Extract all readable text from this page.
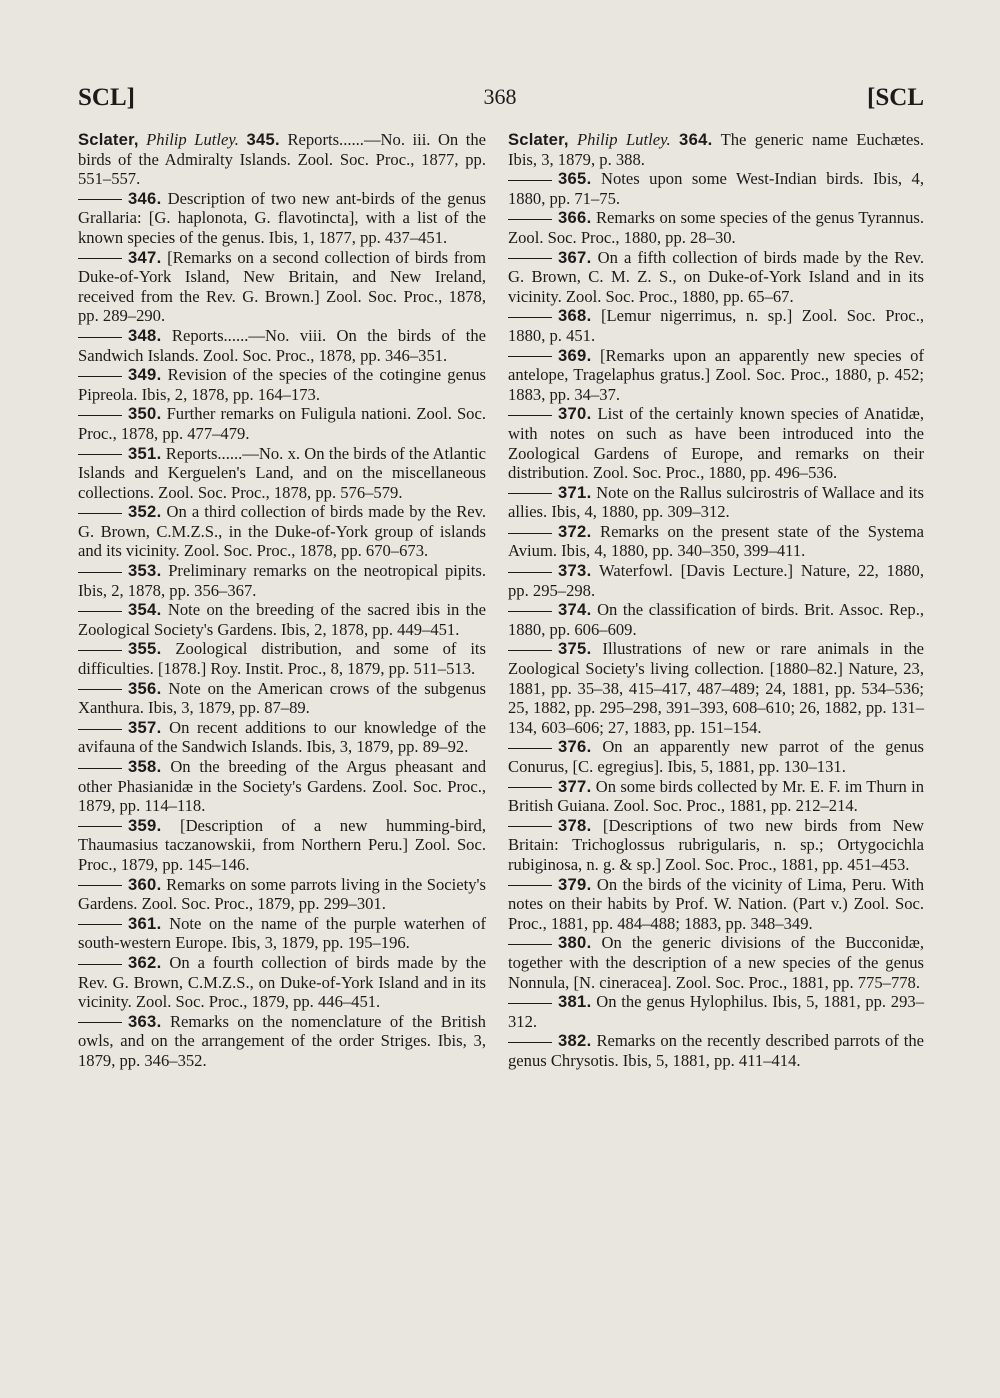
SCL]	368	[SCL

Sclater, Philip Lutley. 345. Reports......—No. iii. On the birds of the Admiralty Islands. Zool. Soc. Proc., 1877, pp. 551–557.

346. Description of two new ant-birds of the genus Grallaria: [G. haplonota, G. flavotincta], with a list of the known species of the genus. Ibis, 1, 1877, pp. 437–451.

347. [Remarks on a second collection of birds from Duke-of-York Island, New Britain, and New Ireland, received from the Rev. G. Brown.] Zool. Soc. Proc., 1878, pp. 289–290.

348. Reports......—No. viii. On the birds of the Sandwich Islands. Zool. Soc. Proc., 1878, pp. 346–351.

349. Revision of the species of the cotingine genus Pipreola. Ibis, 2, 1878, pp. 164–173.

350. Further remarks on Fuligula nationi. Zool. Soc. Proc., 1878, pp. 477–479.

351. Reports......—No. x. On the birds of the Atlantic Islands and Kerguelen's Land, and on the miscellaneous collections. Zool. Soc. Proc., 1878, pp. 576–579.

352. On a third collection of birds made by the Rev. G. Brown, C.M.Z.S., in the Duke-of-York group of islands and its vicinity. Zool. Soc. Proc., 1878, pp. 670–673.

353. Preliminary remarks on the neotropical pipits. Ibis, 2, 1878, pp. 356–367.

354. Note on the breeding of the sacred ibis in the Zoological Society's Gardens. Ibis, 2, 1878, pp. 449–451.

355. Zoological distribution, and some of its difficulties. [1878.] Roy. Instit. Proc., 8, 1879, pp. 511–513.

356. Note on the American crows of the subgenus Xanthura. Ibis, 3, 1879, pp. 87–89.

357. On recent additions to our knowledge of the avifauna of the Sandwich Islands. Ibis, 3, 1879, pp. 89–92.

358. On the breeding of the Argus pheasant and other Phasianidæ in the Society's Gardens. Zool. Soc. Proc., 1879, pp. 114–118.

359. [Description of a new humming-bird, Thaumasius taczanowskii, from Northern Peru.] Zool. Soc. Proc., 1879, pp. 145–146.

360. Remarks on some parrots living in the Society's Gardens. Zool. Soc. Proc., 1879, pp. 299–301.

361. Note on the name of the purple waterhen of south-western Europe. Ibis, 3, 1879, pp. 195–196.

362. On a fourth collection of birds made by the Rev. G. Brown, C.M.Z.S., on Duke-of-York Island and in its vicinity. Zool. Soc. Proc., 1879, pp. 446–451.

363. Remarks on the nomenclature of the British owls, and on the arrangement of the order Striges. Ibis, 3, 1879, pp. 346–352.

Sclater, Philip Lutley. 364. The generic name Euchætes. Ibis, 3, 1879, p. 388.

365. Notes upon some West-Indian birds. Ibis, 4, 1880, pp. 71–75.

366. Remarks on some species of the genus Tyrannus. Zool. Soc. Proc., 1880, pp. 28–30.

367. On a fifth collection of birds made by the Rev. G. Brown, C. M. Z. S., on Duke-of-York Island and in its vicinity. Zool. Soc. Proc., 1880, pp. 65–67.

368. [Lemur nigerrimus, n. sp.] Zool. Soc. Proc., 1880, p. 451.

369. [Remarks upon an apparently new species of antelope, Tragelaphus gratus.] Zool. Soc. Proc., 1880, p. 452; 1883, pp. 34–37.

370. List of the certainly known species of Anatidæ, with notes on such as have been introduced into the Zoological Gardens of Europe, and remarks on their distribution. Zool. Soc. Proc., 1880, pp. 496–536.

371. Note on the Rallus sulcirostris of Wallace and its allies. Ibis, 4, 1880, pp. 309–312.

372. Remarks on the present state of the Systema Avium. Ibis, 4, 1880, pp. 340–350, 399–411.

373. Waterfowl. [Davis Lecture.] Nature, 22, 1880, pp. 295–298.

374. On the classification of birds. Brit. Assoc. Rep., 1880, pp. 606–609.

375. Illustrations of new or rare animals in the Zoological Society's living collection. [1880–82.] Nature, 23, 1881, pp. 35–38, 415–417, 487–489; 24, 1881, pp. 534–536; 25, 1882, pp. 295–298, 391–393, 608–610; 26, 1882, pp. 131–134, 603–606; 27, 1883, pp. 151–154.

376. On an apparently new parrot of the genus Conurus, [C. egregius]. Ibis, 5, 1881, pp. 130–131.

377. On some birds collected by Mr. E. F. im Thurn in British Guiana. Zool. Soc. Proc., 1881, pp. 212–214.

378. [Descriptions of two new birds from New Britain: Trichoglossus rubrigularis, n. sp.; Ortygocichla rubiginosa, n. g. & sp.] Zool. Soc. Proc., 1881, pp. 451–453.

379. On the birds of the vicinity of Lima, Peru. With notes on their habits by Prof. W. Nation. (Part v.) Zool. Soc. Proc., 1881, pp. 484–488; 1883, pp. 348–349.

380. On the generic divisions of the Bucconidæ, together with the description of a new species of the genus Nonnula, [N. cineracea]. Zool. Soc. Proc., 1881, pp. 775–778.

381. On the genus Hylophilus. Ibis, 5, 1881, pp. 293–312.

382. Remarks on the recently described parrots of the genus Chrysotis. Ibis, 5, 1881, pp. 411–414.
